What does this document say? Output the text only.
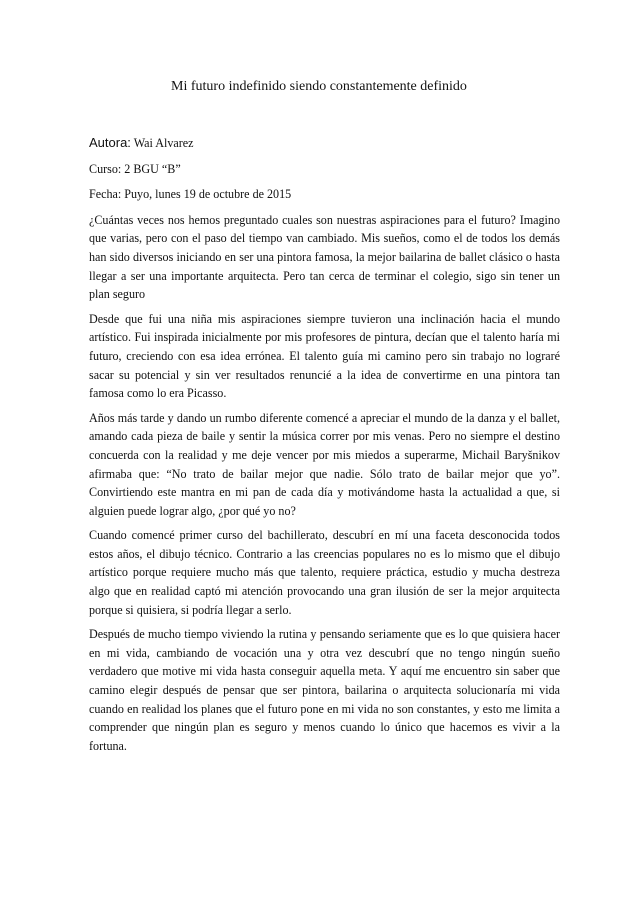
Mi futuro indefinido siendo constantemente definido
Autora: Wai Alvarez
Curso: 2 BGU “B”
Fecha: Puyo, lunes 19 de octubre de 2015

¿Cuántas veces nos hemos preguntado cuales son nuestras aspiraciones para el futuro? Imagino que varias, pero con el paso del tiempo van cambiado. Mis sueños, como el de todos los demás han sido diversos iniciando en ser una pintora famosa, la mejor bailarina de ballet clásico o hasta llegar a ser una importante arquitecta. Pero tan cerca de terminar el colegio, sigo sin tener un plan seguro

Desde que fui una niña mis aspiraciones siempre tuvieron una inclinación hacia el mundo artístico. Fui inspirada inicialmente por mis profesores de pintura, decían que el talento haría mi futuro, creciendo con esa idea errónea. El talento guía mi camino pero sin trabajo no lograré sacar su potencial y sin ver resultados renuncié a la idea de convertirme en una pintora tan famosa como lo era Picasso.

Años más tarde y dando un rumbo diferente comencé a apreciar el mundo de la danza y el ballet, amando cada pieza de baile y sentir la música correr por mis venas. Pero no siempre el destino concuerda con la realidad y me deje vencer por mis miedos a superarme, Michail Baryšnikov afirmaba que: “No trato de bailar mejor que nadie. Sólo trato de bailar mejor que yo”. Convirtiendo este mantra en mi pan de cada día y motivándome hasta la actualidad a que, si alguien puede lograr algo, ¿por qué yo no?

Cuando comencé primer curso del bachillerato, descubrí en mí una faceta desconocida todos estos años, el dibujo técnico. Contrario a las creencias populares no es lo mismo que el dibujo artístico porque requiere mucho más que talento, requiere práctica, estudio y mucha destreza algo que en realidad captó mi atención provocando una gran ilusión de ser la mejor arquitecta porque si quisiera, si podría llegar a serlo.

Después de mucho tiempo viviendo la rutina y pensando seriamente que es lo que quisiera hacer en mi vida, cambiando de vocación una y otra vez descubrí que no tengo ningún sueño verdadero que motive mi vida hasta conseguir aquella meta. Y aquí me encuentro sin saber que camino elegir después de pensar que ser pintora, bailarina o arquitecta solucionaría mi vida cuando en realidad los planes que el futuro pone en mi vida no son constantes, y esto me limita a comprender que ningún plan es seguro y menos cuando lo único que hacemos es vivir a la fortuna.
